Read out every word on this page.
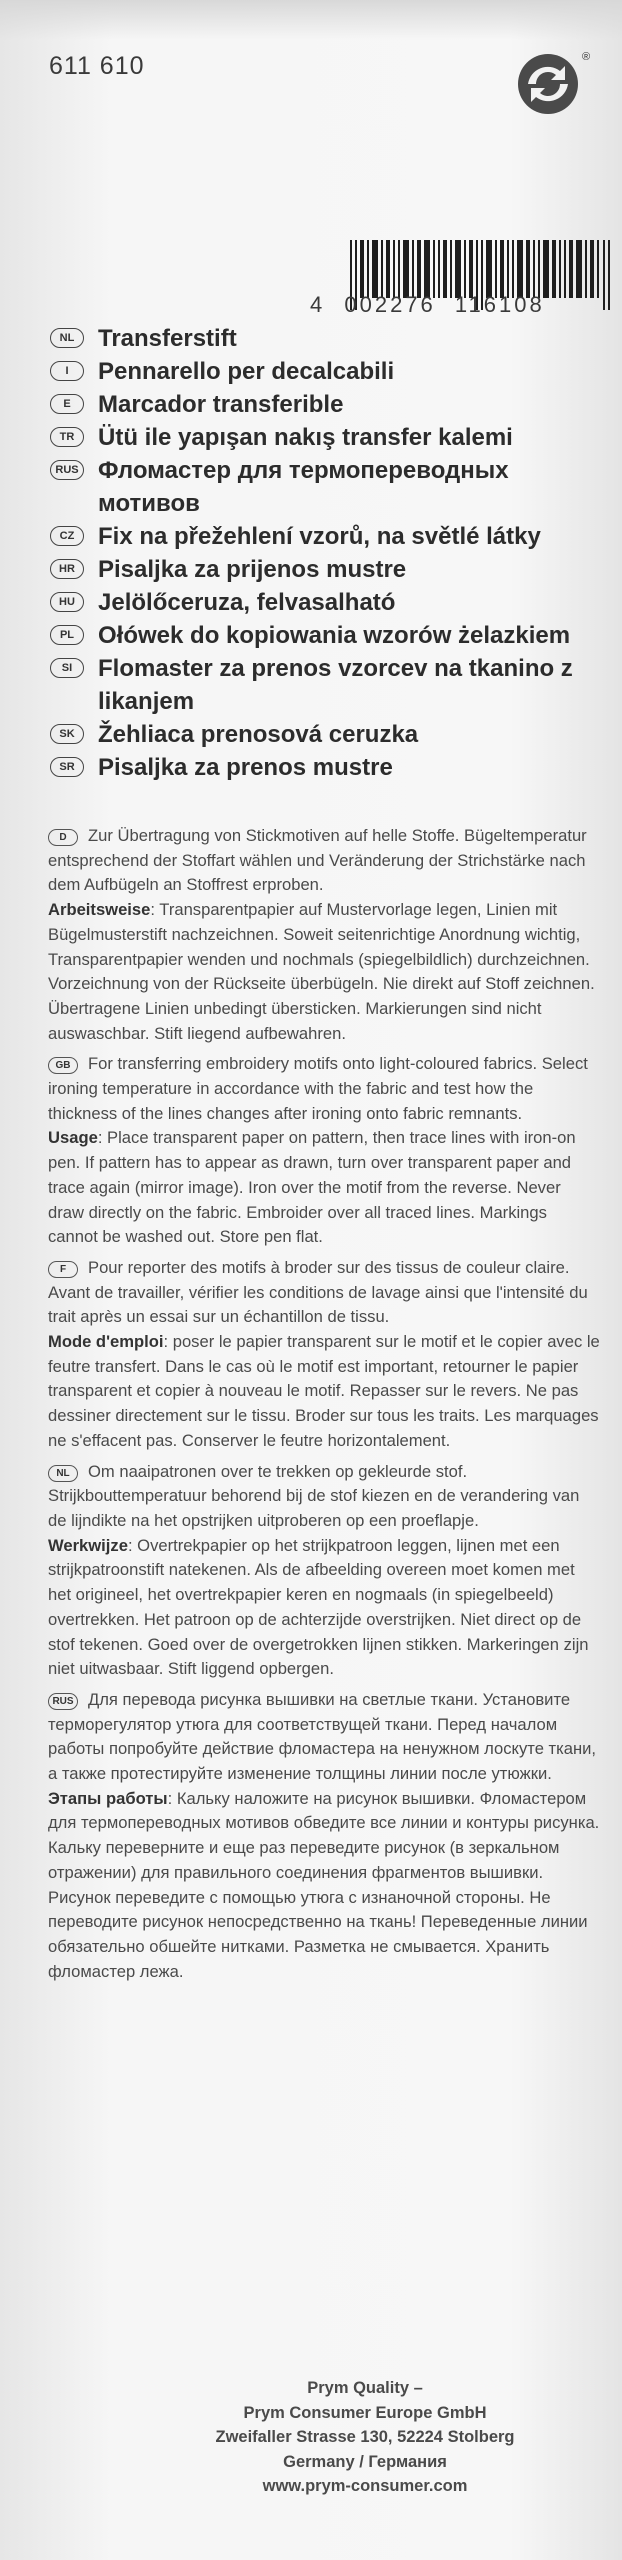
611 610	®
4 002276 116108
NL Transferstift
I	Pennarello per decalcabili
E	Marcador transferible
TR Ütü ile yapışan nakış transfer kalemi
RUS Фломастер для термопереводных мотивов
CZ Fix na přežehlení vzorů, na světlé látky
HR Pisaljka za prijenos mustre
HU Jelölőceruza, felvasalható
PL Ołówek do kopiowania wzorów żelazkiem
SI	Flomaster za prenos vzorcev na tkanino z likanjem
SK Žehliaca prenosová ceruzka
SR Pisaljka za prenos mustre

D Zur Übertragung von Stickmotiven auf helle Stoffe. Bügeltemperatur entsprechend der Stoffart wählen und Veränderung der Strichstärke nach dem Aufbügeln an Stoffrest erproben.
Arbeitsweise: Transparentpapier auf Mustervorlage legen, Linien mit Bügelmusterstift nachzeichnen. Soweit seitenrichtige Anordnung wichtig, Transparentpapier wenden und nochmals (spiegelbildlich) durchzeichnen. Vorzeichnung von der Rückseite überbügeln. Nie direkt auf Stoff zeichnen. Übertragene Linien unbedingt übersticken. Markierungen sind nicht auswaschbar. Stift liegend aufbewahren.

GB For transferring embroidery motifs onto light-coloured fabrics. Select ironing temperature in accordance with the fabric and test how the thickness of the lines changes after ironing onto fabric remnants.
Usage: Place transparent paper on pattern, then trace lines with iron-on pen. If pattern has to appear as drawn, turn over transparent paper and trace again (mirror image). Iron over the motif from the reverse. Never draw directly on the fabric. Embroider over all traced lines. Markings cannot be washed out. Store pen flat.

F Pour reporter des motifs à broder sur des tissus de couleur claire. Avant de travailler, vérifier les conditions de lavage ainsi que l'intensité du trait après un essai sur un échantillon de tissu.
Mode d'emploi: poser le papier transparent sur le motif et le copier avec le feutre transfert. Dans le cas où le motif est important, retourner le papier transparent et copier à nouveau le motif. Repasser sur le revers. Ne pas dessiner directement sur le tissu. Broder sur tous les traits. Les marquages ne s'effacent pas. Conserver le feutre horizontalement.

NL Om naaipatronen over te trekken op gekleurde stof. Strijkbouttemperatuur behorend bij de stof kiezen en de verandering van de lijndikte na het opstrijken uitproberen op een proeflapje.
Werkwijze: Overtrekpapier op het strijkpatroon leggen, lijnen met een strijkpatroonstift natekenen. Als de afbeelding overeen moet komen met het origineel, het overtrekpapier keren en nogmaals (in spiegelbeeld) overtrekken. Het patroon op de achterzijde overstrijken. Niet direct op de stof tekenen. Goed over de overgetrokken lijnen stikken. Markeringen zijn niet uitwasbaar. Stift liggend opbergen.

RUS Для перевода рисунка вышивки на светлые ткани. Установите терморегулятор утюга для соответствущей ткани. Перед началом работы попробуйте действие фломастера на ненужном лоскуте ткани, а также протестируйте изменение толщины линии после утюжки.
Этапы работы: Кальку наложите на рисунок вышивки. Фломастером для термопереводных мотивов обведите все линии и контуры рисунка. Кальку переверните и еще раз переведите рисунок (в зеркальном отражении) для правильного соединения фрагментов вышивки. Рисунок переведите с помощью утюга с изнаночной стороны. Не переводите рисунок непосредственно на ткань! Переведенные линии обязательно обшейте нитками. Разметка не смывается. Хранить фломастер лежа.

Prym Quality –
Prym Consumer Europe GmbH
Zweifaller Strasse 130, 52224 Stolberg
Germany / Германия
www.prym-consumer.com
